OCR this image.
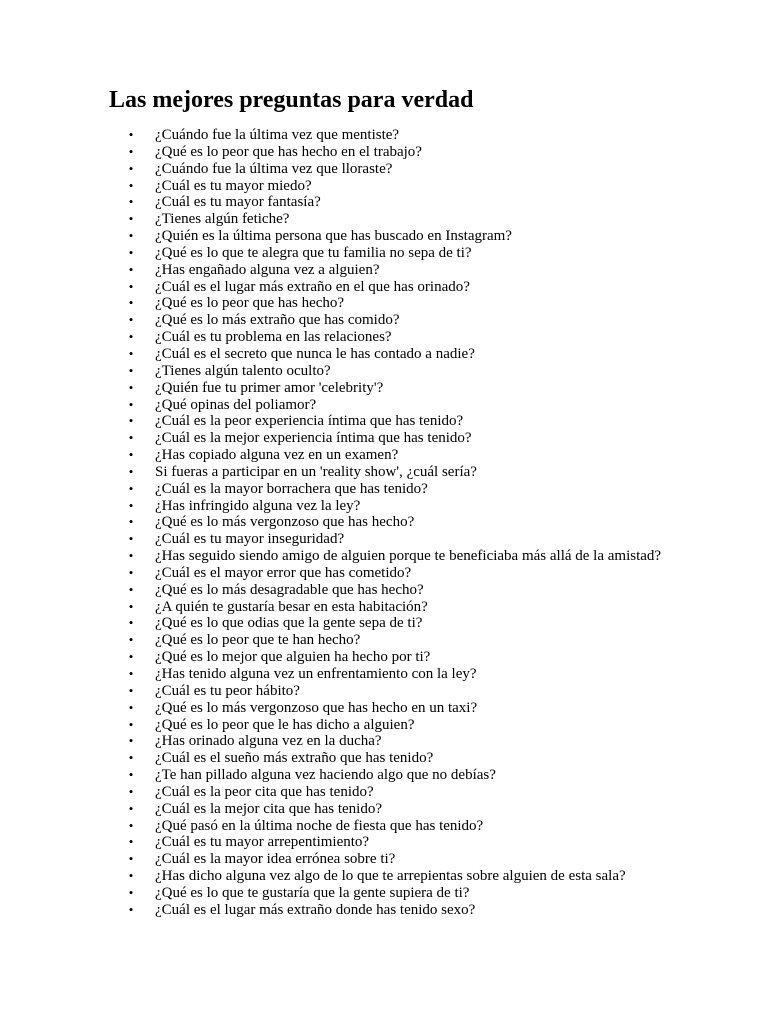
Las mejores preguntas para verdad
• ¿Cuándo fue la última vez que mentiste?
• ¿Qué es lo peor que has hecho en el trabajo?
• ¿Cuándo fue la última vez que lloraste?
• ¿Cuál es tu mayor miedo?
• ¿Cuál es tu mayor fantasía?
• ¿Tienes algún fetiche?
• ¿Quién es la última persona que has buscado en Instagram?
• ¿Qué es lo que te alegra que tu familia no sepa de ti?
• ¿Has engañado alguna vez a alguien?
• ¿Cuál es el lugar más extraño en el que has orinado?
• ¿Qué es lo peor que has hecho?
• ¿Qué es lo más extraño que has comido?
• ¿Cuál es tu problema en las relaciones?
• ¿Cuál es el secreto que nunca le has contado a nadie?
• ¿Tienes algún talento oculto?
• ¿Quién fue tu primer amor 'celebrity'?
• ¿Qué opinas del poliamor?
• ¿Cuál es la peor experiencia íntima que has tenido?
• ¿Cuál es la mejor experiencia íntima que has tenido?
• ¿Has copiado alguna vez en un examen?
• Si fueras a participar en un 'reality show', ¿cuál sería?
• ¿Cuál es la mayor borrachera que has tenido?
• ¿Has infringido alguna vez la ley?
• ¿Qué es lo más vergonzoso que has hecho?
• ¿Cuál es tu mayor inseguridad?
• ¿Has seguido siendo amigo de alguien porque te beneficiaba más allá de la amistad?
• ¿Cuál es el mayor error que has cometido?
• ¿Qué es lo más desagradable que has hecho?
• ¿A quién te gustaría besar en esta habitación?
• ¿Qué es lo que odias que la gente sepa de ti?
• ¿Qué es lo peor que te han hecho?
• ¿Qué es lo mejor que alguien ha hecho por ti?
• ¿Has tenido alguna vez un enfrentamiento con la ley?
• ¿Cuál es tu peor hábito?
• ¿Qué es lo más vergonzoso que has hecho en un taxi?
• ¿Qué es lo peor que le has dicho a alguien?
• ¿Has orinado alguna vez en la ducha?
• ¿Cuál es el sueño más extraño que has tenido?
• ¿Te han pillado alguna vez haciendo algo que no debías?
• ¿Cuál es la peor cita que has tenido?
• ¿Cuál es la mejor cita que has tenido?
• ¿Qué pasó en la última noche de fiesta que has tenido?
• ¿Cuál es tu mayor arrepentimiento?
• ¿Cuál es la mayor idea errónea sobre ti?
• ¿Has dicho alguna vez algo de lo que te arrepientas sobre alguien de esta sala?
• ¿Qué es lo que te gustaría que la gente supiera de ti?
• ¿Cuál es el lugar más extraño donde has tenido sexo?
